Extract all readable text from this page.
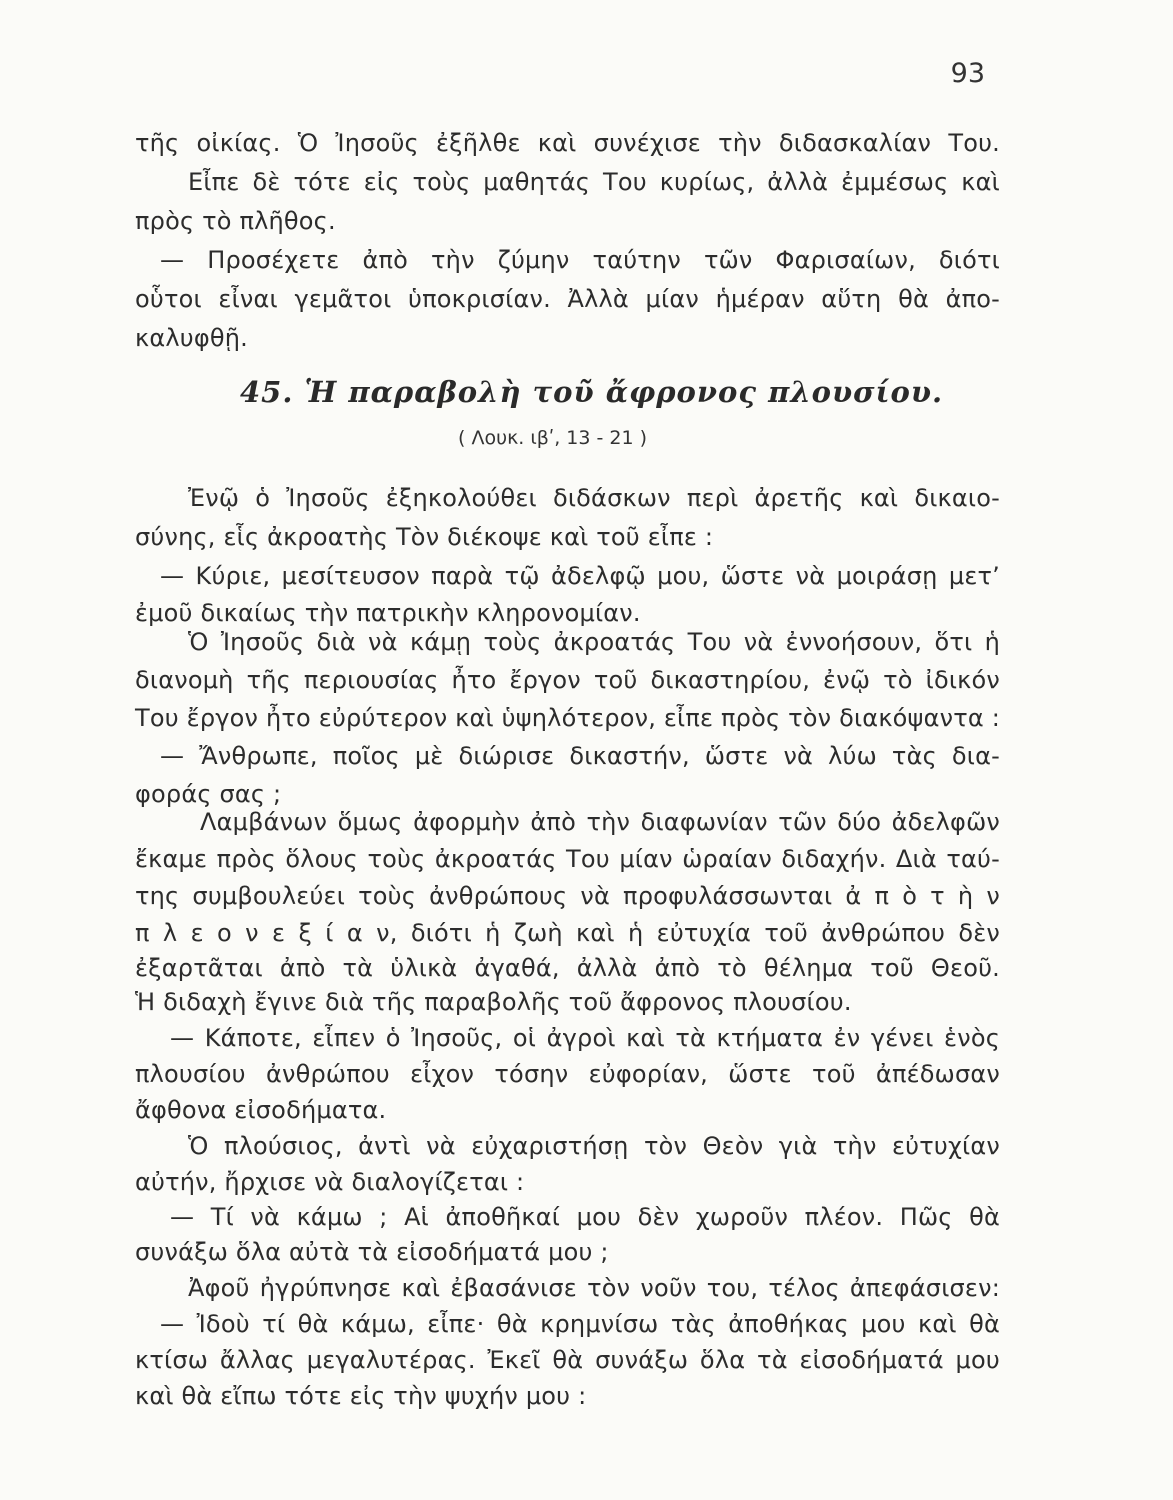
93
τῆς οἰκίας. Ὁ Ἰησοῦς ἐξῆλθε καὶ συνέχισε τὴν διδασκαλίαν Του.
Εἶπε δὲ τότε εἰς τοὺς μαθητάς Του κυρίως, ἀλλὰ ἐμμέσως καὶ
πρὸς τὸ πλῆθος.
— Προσέχετε ἀπὸ τὴν ζύμην ταύτην τῶν Φαρισαίων, διότι
οὗτοι εἶναι γεμᾶτοι ὑποκρισίαν. Ἀλλὰ μίαν ἡμέραν αὕτη θὰ ἀπο-
καλυφθῇ.
45. Ἡ παραβολὴ τοῦ ἄφρονος πλουσίου.
( Λουκ. ιβʹ, 13 - 21 )
Ἐνῷ ὁ Ἰησοῦς ἐξηκολούθει διδάσκων περὶ ἀρετῆς καὶ δικαιο-
σύνης, εἷς ἀκροατὴς Τὸν διέκοψε καὶ τοῦ εἶπε :
— Κύριε, μεσίτευσον παρὰ τῷ ἀδελφῷ μου, ὥστε νὰ μοιράσῃ μετʼ
ἐμοῦ δικαίως τὴν πατρικὴν κληρονομίαν.
Ὁ Ἰησοῦς διὰ νὰ κάμῃ τοὺς ἀκροατάς Του νὰ ἐννοήσουν, ὅτι ἡ
διανομὴ τῆς περιουσίας ἦτο ἔργον τοῦ δικαστηρίου, ἐνῷ τὸ ἰδικόν
Του ἔργον ἦτο εὐρύτερον καὶ ὑψηλότερον, εἶπε πρὸς τὸν διακόψαντα :
— Ἄνθρωπε, ποῖος μὲ διώρισε δικαστήν, ὥστε νὰ λύω τὰς δια-
φοράς σας ;
Λαμβάνων ὅμως ἀφορμὴν ἀπὸ τὴν διαφωνίαν τῶν δύο ἀδελφῶν
ἔκαμε πρὸς ὅλους τοὺς ἀκροατάς Του μίαν ὡραίαν διδαχήν. Διὰ ταύ-
της συμβουλεύει τοὺς ἀνθρώπους νὰ προφυλάσσωνται ἀ π ὸ τ ὴ ν
π λ ε ο ν ε ξ ί α ν, διότι ἡ ζωὴ καὶ ἡ εὐτυχία τοῦ ἀνθρώπου δὲν
ἐξαρτᾶται ἀπὸ τὰ ὑλικὰ ἀγαθά, ἀλλὰ ἀπὸ τὸ θέλημα τοῦ Θεοῦ.
Ἡ διδαχὴ ἔγινε διὰ τῆς παραβολῆς τοῦ ἄφρονος πλουσίου.
— Κάποτε, εἶπεν ὁ Ἰησοῦς, οἱ ἀγροὶ καὶ τὰ κτήματα ἐν γένει ἑνὸς
πλουσίου ἀνθρώπου εἶχον τόσην εὐφορίαν, ὥστε τοῦ ἀπέδωσαν
ἄφθονα εἰσοδήματα.
Ὁ πλούσιος, ἀντὶ νὰ εὐχαριστήσῃ τὸν Θεὸν γιὰ τὴν εὐτυχίαν
αὐτήν, ἤρχισε νὰ διαλογίζεται :
— Τί νὰ κάμω ; Αἱ ἀποθῆκαί μου δὲν χωροῦν πλέον. Πῶς θὰ
συνάξω ὅλα αὐτὰ τὰ εἰσοδήματά μου ;
Ἀφοῦ ἠγρύπνησε καὶ ἐβασάνισε τὸν νοῦν του, τέλος ἀπεφάσισεν:
— Ἰδοὺ τί θὰ κάμω, εἶπε· θὰ κρημνίσω τὰς ἀποθήκας μου καὶ θὰ
κτίσω ἄλλας μεγαλυτέρας. Ἐκεῖ θὰ συνάξω ὅλα τὰ εἰσοδήματά μου
καὶ θὰ εἴπω τότε εἰς τὴν ψυχήν μου :
